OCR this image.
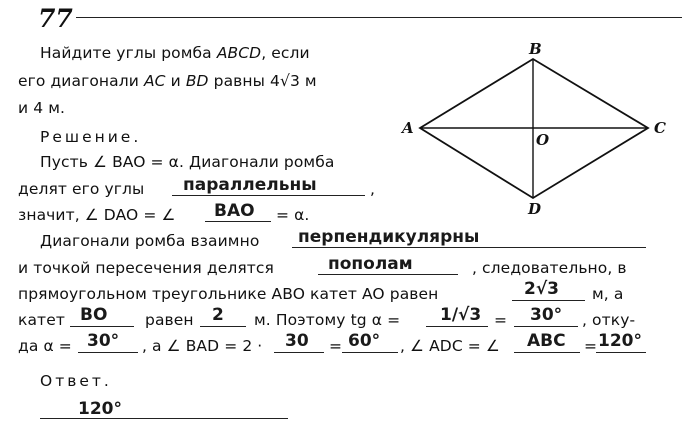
77
Найдите углы ромба ABCD, если
его диагонали AC и BD равны 4√3 м
и 4 м.
A
B
C
D
O
Решение.
Пусть ∠ BAO = α. Диагонали ромба
делят его углы параллельны	,
значит, ∠ DAO = ∠ BAO = α.
Диагонали ромба взаимно перпендикулярны
и точкой пересечения делятся	пополам	, следовательно, в
прямоугольном треугольнике ABO катет AO равен	2√3 м, а
катет BO равен 2 м. Поэтому tg α = 1/√3 = 30° , отку-
да α = 30° , а ∠ BAD = 2 · 30 = 60° , ∠ ADC = ∠ ABC = 120°
Ответ.
120°
